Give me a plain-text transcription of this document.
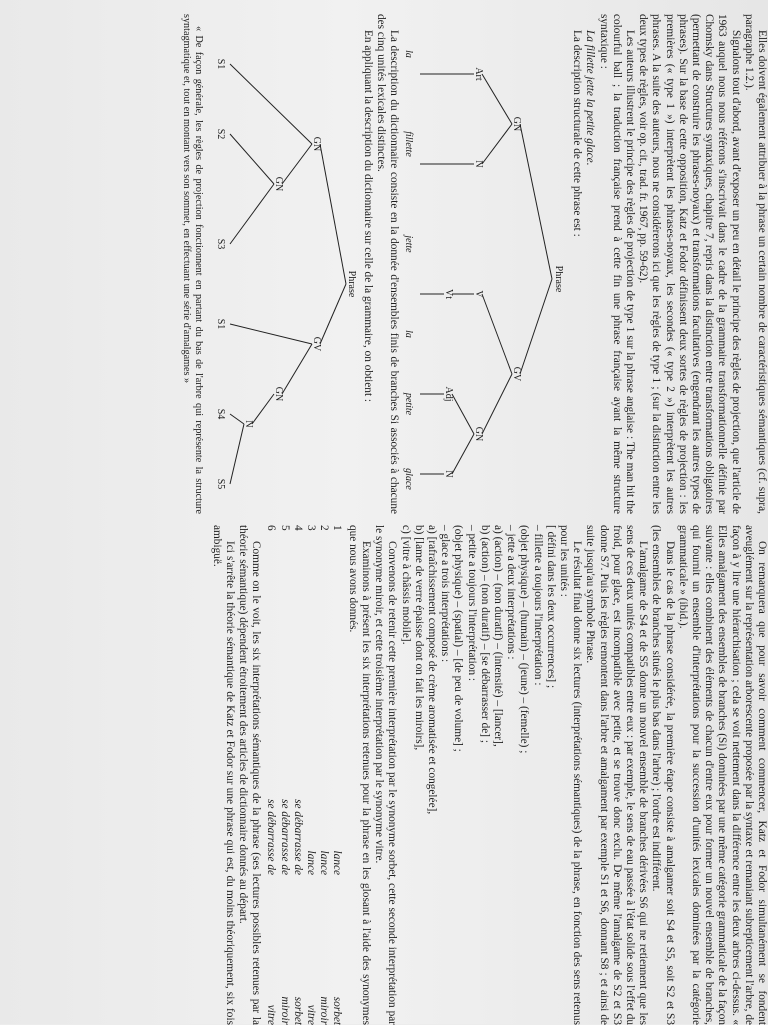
Elles doivent également attribuer à la phrase un certain nombre de caractéristiques sémantiques (cf. supra, paragraphe 1.2.).

Signalons tout d'abord, avant d'exposer un peu en détail le principe des règles de projection, que l'article de 1963 auquel nous nous référons s'inscrivait dans le cadre de la grammaire transformationnelle définie par Chomsky dans Structures syntaxiques, chapitre 7, repris dans la distinction entre transformations obligatoires (permettant de construire les phrases-noyaux) et transformations facultatives (engendrant les autres types de phrases). Sur la base de cette opposition, Katz et Fodor définissent deux sortes de règles de projection : les premières (« type 1 ») interprètent les phrases-noyaux, les secondes (« type 2 ») interprètent les autres phrases. A la suite des auteurs, nous ne considérerons ici que les règles de type 1 ; (sur la distinction entre les deux types de règles, voir op. cit., trad. fr. 1967, pp. 59-62).

Les auteurs illustrent le principe des règles de projection de type 1 sur la phrase anglaise : The man hit the colourful ball ; la traduction française prend à cette fin une phrase française ayant la même structure syntaxique :

La fillette jette la petite glace.

La description structurale de cette phrase est :

Phrase
GN
GV
Art
N
V
GN
Vt
Adj
N
la
fillette
jette
la
petite
glace

La description du dictionnaire consiste en la donnée d'ensembles finis de branches Si associés à chacune des cinq unités lexicales distinctes.

En appliquant la description du dictionnaire sur celle de la grammaire, on obtient :

Phrase
GN
GV
GN
GN
N
S1
S2
S3
S1
S4
S5

« De façon générale, les règles de projection fonctionnent en partant du bas de l'arbre qui représente la structure syntagmatique et, tout en montant vers son sommet, en effectuant une série d'amalgames »

On remarquera que pour savoir comment commencer, Katz et Fodor simultanément se fondent aveuglément sur la représentation arborescente proposée par la syntaxe et remaniant subrepticement l'arbre, de façon à y lire une hiérarchisation ; cela se voit nettement dans la différence entre les deux arbres ci-dessus. « Elles amalgament des ensembles de branches (Si) dominées par une même catégorie grammaticale de la façon suivante : elles combinent des éléments de chacun d'entre eux pour former un nouvel ensemble de branches, qui fournit un ensemble d'interprétations pour la succession d'unités lexicales dominées par la catégorie grammaticale » (ibid.).

Dans le cas de la phrase considérée, la première étape consiste à amalgamer soit S4 et S5, soit S2 et S3 (les ensembles de branches situés le plus bas dans l'arbre) ; l'ordre est indifférent.

L'amalgame de S4 et de S5 donne un nouvel ensemble de branches dérivées S6 qui ne retiennent que les sens de ces deux unités compatibles entre eux : par exemple, le sens de eau passée à l'état solide sous l'effet du froid, pour glace, est incompatible avec petite, et se trouve donc exclu. De même l'amalgame de S2 et S3 donne S7. Puis les règles remontent dans l'arbre et amalgament par exemple S1 et S6, donnant S8 ; et ainsi de suite jusqu'au symbole Phrase.

Le résultat final donne six lectures (interprétations sémantiques) de la phrase, en fonction des sens retenus pour les unités :

[ défini dans les deux occurrences] ;
– fillette a toujours l'interprétation :
(objet physique) – (humain) – (jeune) – (femelle) ;
– jette a deux interprétations :
a) (action) – (non duratif) – (intensité) – [lancer],
b) (action) – (non duratif) – [se débarrasser de] ;
– petite a toujours l'interprétation :
(objet physique) – (spatial) – [de peu de volume] ;
– glace a trois interprétations :
a) [rafraîchissement composé de crème aromatisée et congelée],
b) [lame de verre épaisse dont on fait les miroirs],
c) [vitre à châssis mobile].

Convenons de retenir cette première interprétation par le synonyme sorbet, cette seconde interprétation par le synonyme miroir, et cette troisième interprétation par le synonyme vitre.

Examinons à présent les six interprétations retenues pour la phrase en les glosant à l'aide des synonymes que nous avons donnés.

1
lance
sorbet
2
lance
miroir
3
lance
vitre
4
se débarrasse de
sorbet
5
se débarrasse de
miroir
6
se débarrasse de
vitre

Comme on le voit, les six interprétations sémantiques de la phrase (ses lectures possibles retenues par la théorie sémantique) dépendent étroitement des articles de dictionnaire donnés au départ.

Ici s'arrête la théorie sémantique de Katz et Fodor sur une phrase qui est, du moins théoriquement, six fois ambiguë.
